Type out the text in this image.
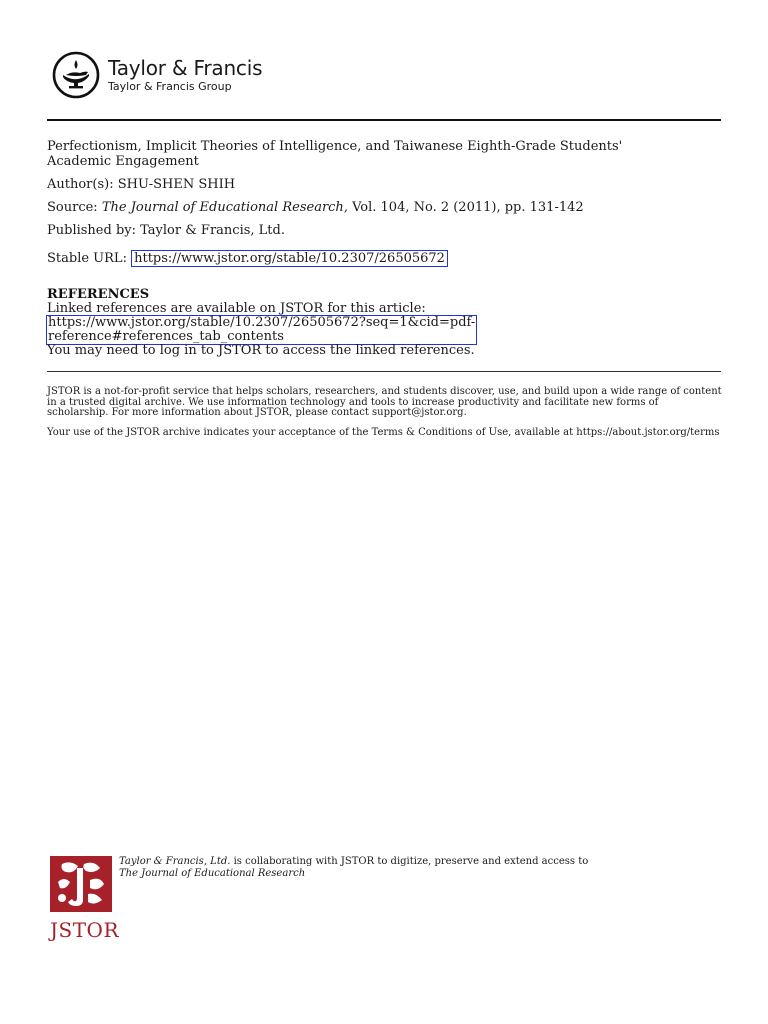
Taylor & Francis
Taylor & Francis Group
Perfectionism, Implicit Theories of Intelligence, and Taiwanese Eighth-Grade Students'
Academic Engagement
Author(s): SHU-SHEN SHIH
Source: The Journal of Educational Research, Vol. 104, No. 2 (2011), pp. 131-142
Published by: Taylor & Francis, Ltd.
Stable URL: https://www.jstor.org/stable/10.2307/26505672
REFERENCES
Linked references are available on JSTOR for this article:
https://www.jstor.org/stable/10.2307/26505672?seq=1&cid=pdf-
reference#references_tab_contents
You may need to log in to JSTOR to access the linked references.
JSTOR is a not-for-profit service that helps scholars, researchers, and students discover, use, and build upon a wide range of content in a trusted digital archive. We use information technology and tools to increase productivity and facilitate new forms of scholarship. For more information about JSTOR, please contact support@jstor.org.
Your use of the JSTOR archive indicates your acceptance of the Terms & Conditions of Use, available at https://about.jstor.org/terms
JSTOR
Taylor & Francis, Ltd. is collaborating with JSTOR to digitize, preserve and extend access to
The Journal of Educational Research
